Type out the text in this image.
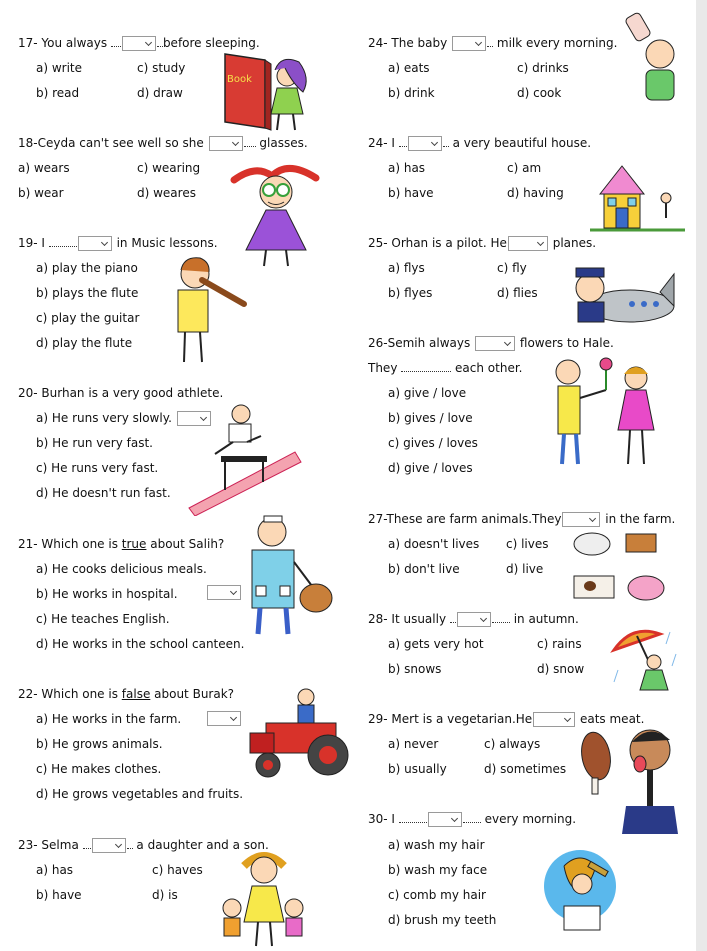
17- You always	before sleeping.
a) write	c) study
b) read	d) draw
18-Ceyda can't see well so she	glasses.
a) wears	c) wearing
b) wear	d) weares
19- I	in Music lessons.
a) play the piano
b) plays the flute
c) play the guitar
d) play the flute
20- Burhan is a very good athlete.
a) He runs very slowly.
b) He run very fast.
c) He runs very fast.
d) He doesn't run fast.
21- Which one is true about Salih?
a) He cooks delicious meals.
b) He works in hospital.
c) He teaches English.
d) He works in the school canteen.
22- Which one is false about Burak?
a) He works in the farm.
b) He grows animals.
c) He makes clothes.
d) He grows vegetables and fruits.
23- Selma	a daughter and a son.
a) has	c) haves
b) have	d) is
24- The baby	milk every morning.
a) eats	c) drinks
b) drink	d) cook
24- I	a very beautiful house.
a) has	c) am
b) have	d) having
25- Orhan is a pilot. He	planes.
a) flys	c) fly
b) flyes	d) flies
26-Semih always	flowers to Hale.
They	each other.
a) give / love
b) gives / love
c) gives / loves
d) give / loves
27-These are farm animals.They	in the farm.
a) doesn't lives c) lives
b) don't live	d) live
28- It usually	in autumn.
a) gets very hot	c) rains
b) snows	d) snow
29- Mert is a vegetarian.He	eats meat.
a) never	c) always
b) usually	d) sometimes
30- I	every morning.
a) wash my hair
b) wash my face
c) comb my hair
d) brush my teeth
Book
